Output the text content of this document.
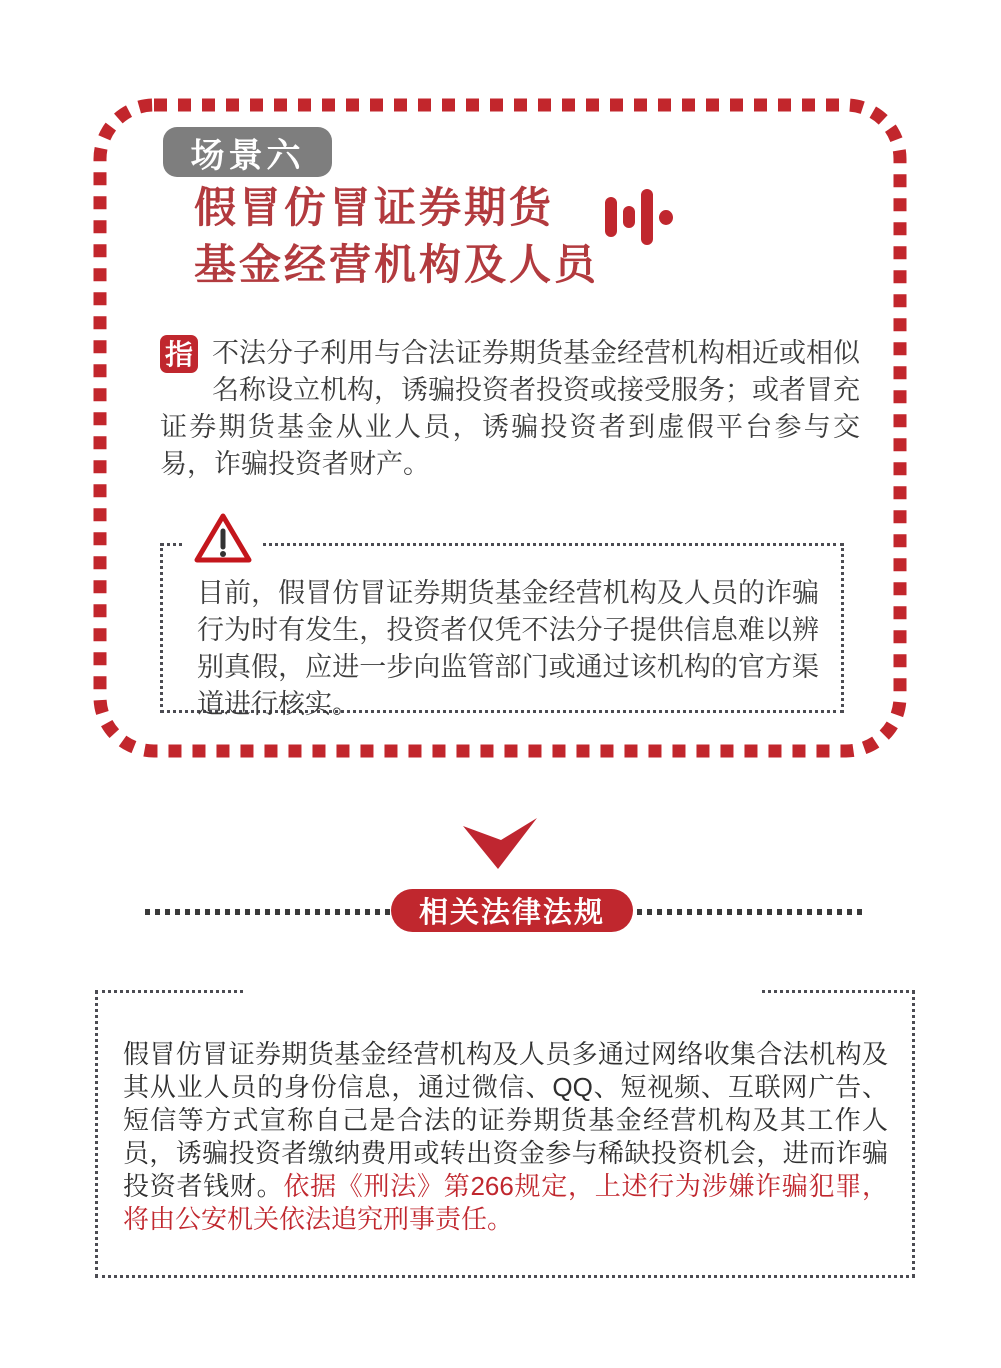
场景六
假冒仿冒证券期货
基金经营机构及人员
指 不法分子利用与合法证券期货基金经营机构相近或相似名称设立机构，诱骗投资者投资或接受服务；或者冒充证券期货基金从业人员，诱骗投资者到虚假平台参与交易，诈骗投资者财产。

目前，假冒仿冒证券期货基金经营机构及人员的诈骗行为时有发生，投资者仅凭不法分子提供信息难以辨别真假，应进一步向监管部门或通过该机构的官方渠道进行核实。

相关法律法规

假冒仿冒证券期货基金经营机构及人员多通过网络收集合法机构及其从业人员的身份信息，通过微信、QQ、短视频、互联网广告、短信等方式宣称自己是合法的证券期货基金经营机构及其工作人员，诱骗投资者缴纳费用或转出资金参与稀缺投资机会，进而诈骗投资者钱财。依据《刑法》第266规定，上述行为涉嫌诈骗犯罪，将由公安机关依法追究刑事责任。
